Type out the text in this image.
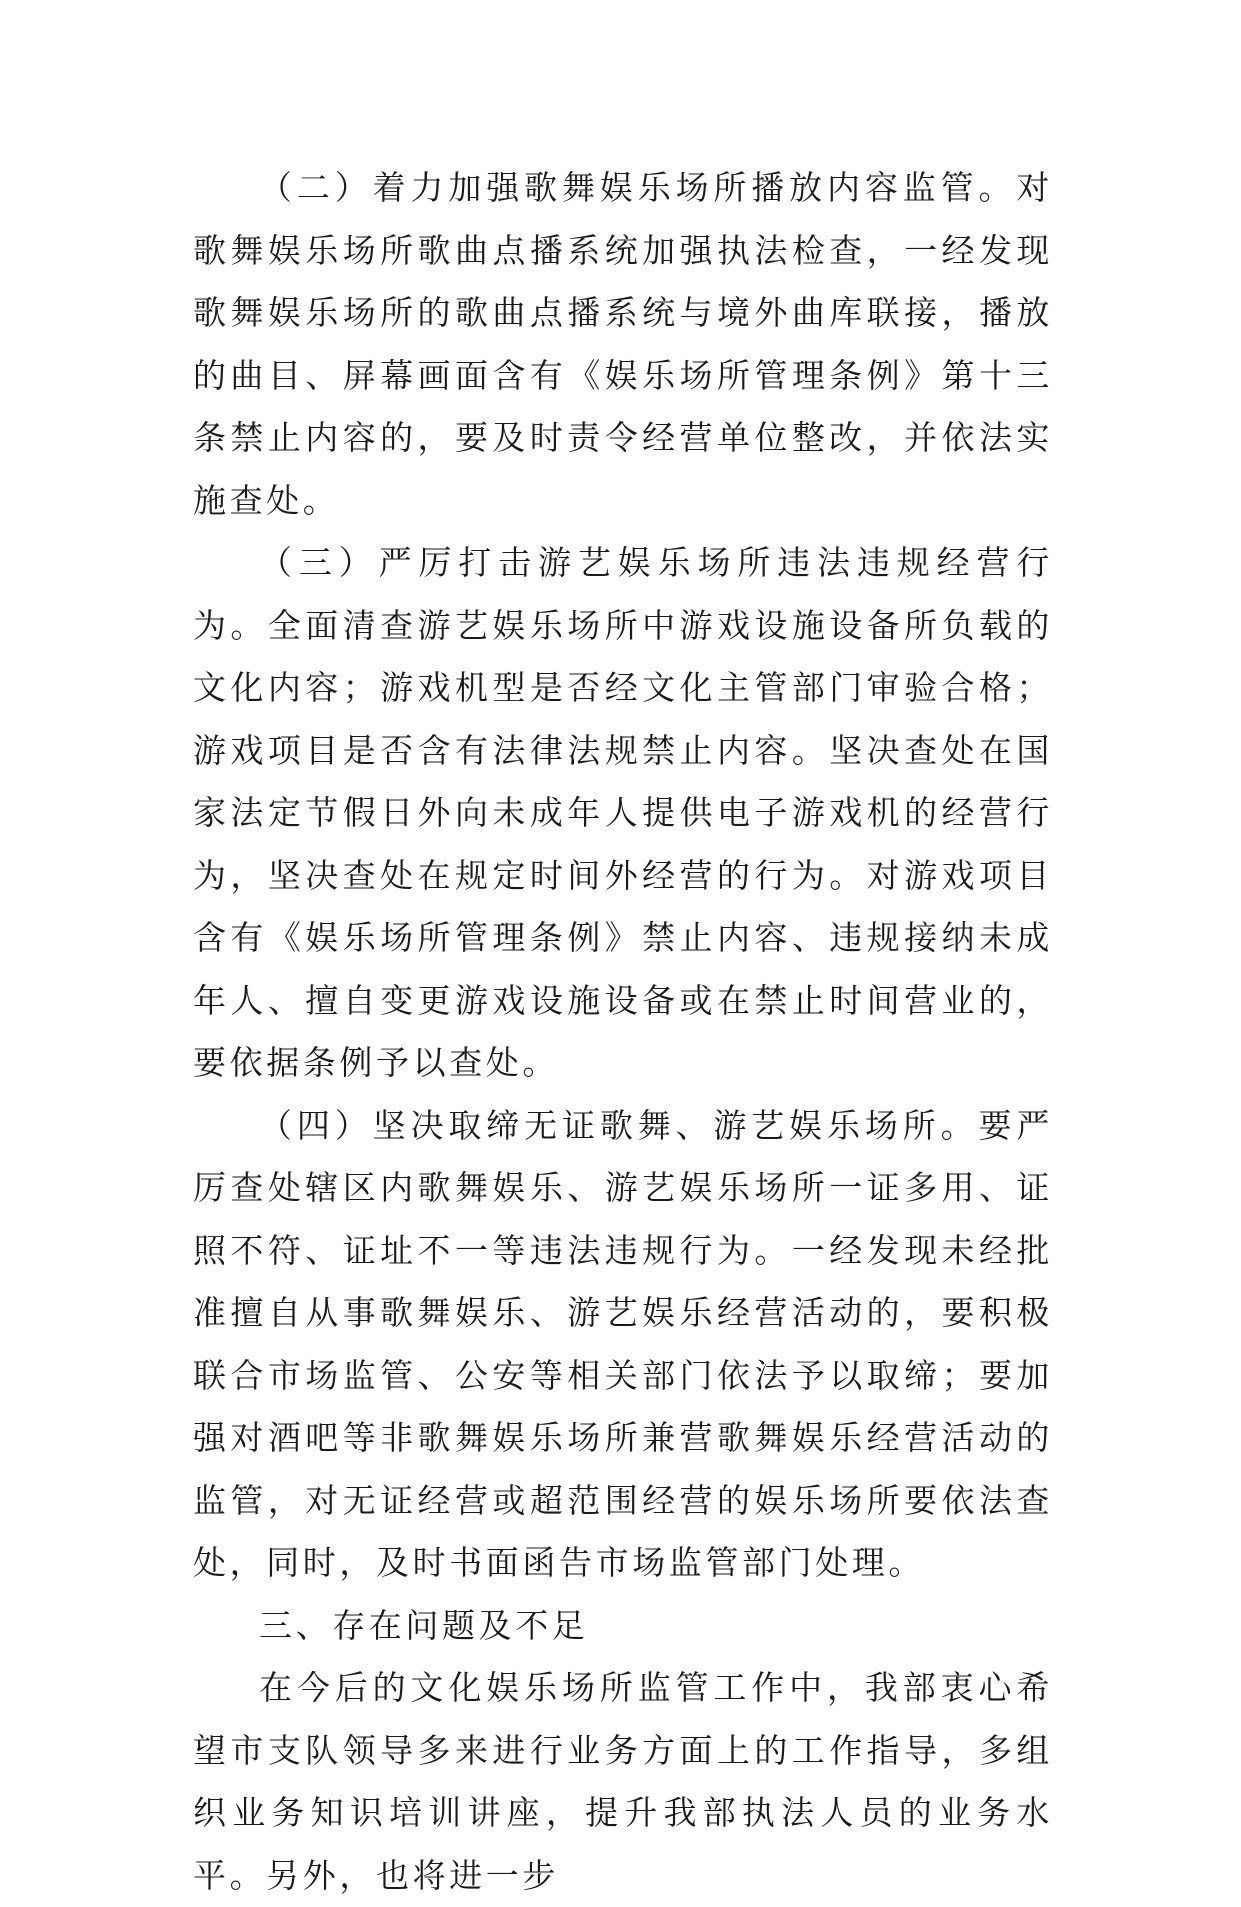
（二）着力加强歌舞娱乐场所播放内容监管。对歌舞娱乐场所歌曲点播系统加强执法检查，一经发现歌舞娱乐场所的歌曲点播系统与境外曲库联接，播放的曲目、屏幕画面含有《娱乐场所管理条例》第十三条禁止内容的，要及时责令经营单位整改，并依法实施查处。

（三）严厉打击游艺娱乐场所违法违规经营行为。全面清查游艺娱乐场所中游戏设施设备所负载的文化内容；游戏机型是否经文化主管部门审验合格；游戏项目是否含有法律法规禁止内容。坚决查处在国家法定节假日外向未成年人提供电子游戏机的经营行为，坚决查处在规定时间外经营的行为。对游戏项目含有《娱乐场所管理条例》禁止内容、违规接纳未成年人、擅自变更游戏设施设备或在禁止时间营业的，要依据条例予以查处。

（四）坚决取缔无证歌舞、游艺娱乐场所。要严厉查处辖区内歌舞娱乐、游艺娱乐场所一证多用、证照不符、证址不一等违法违规行为。一经发现未经批准擅自从事歌舞娱乐、游艺娱乐经营活动的，要积极联合市场监管、公安等相关部门依法予以取缔；要加强对酒吧等非歌舞娱乐场所兼营歌舞娱乐经营活动的监管，对无证经营或超范围经营的娱乐场所要依法查处，同时，及时书面函告市场监管部门处理。

三、存在问题及不足

在今后的文化娱乐场所监管工作中，我部衷心希望市支队领导多来进行业务方面上的工作指导，多组织业务知识培训讲座，提升我部执法人员的业务水平。另外，也将进一步
